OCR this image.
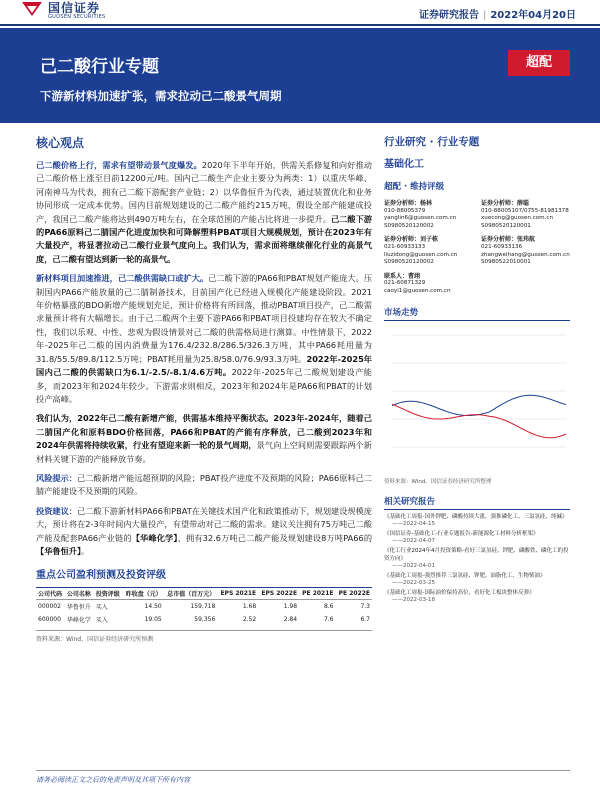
国信证券
GUOSEN SECURITIES	证券研究报告 | 2022年04月20日
己二酸行业专题
下游新材料加速扩张，需求拉动己二酸景气周期
超配
核心观点

己二酸价格上行，需求有望带动景气度爆发。2020年下半年开始，供需关系修复和向好推动己二酸价格上涨至目前12200元/吨。国内己二酸生产企业主要分为两类：1）以重庆华峰、河南神马为代表，拥有己二酸下游配套产业链；2）以华鲁恒升为代表，通过装置优化和业务协同形成一定成本优势。国内目前规划建设的己二酸产能约215万吨，假设全部产能建成投产，我国己二酸产能将达到490万吨左右，在全球范围的产能占比将进一步提升。己二酸下游的PA66原料己二腈国产化进度加快和可降解塑料PBAT项目大规模规划，预计在2023年有大量投产，将显著拉动己二酸行业景气度向上。我们认为，需求面将继续催化行业的高景气度，己二酸有望达到新一轮的高景气。

新材料项目加速推进，己二酸供需缺口或扩大。己二酸下游的PA66和PBAT规划产能庞大。压制国内PA66产能放量的己二腈制备技术，目前国产化已经进入规模化产能建设阶段。2021年价格暴涨的BDO新增产能规划充足，预计价格将有所回落，推动PBAT项目投产，己二酸需求量预计将有大幅增长。由于己二酸两个主要下游PA66和PBAT项目投建均存在较大不确定性，我们以乐观、中性、悲观为假设情景对己二酸的供需格局进行测算。中性情景下，2022年-2025年己二酸的国内消费量为176.4/232.8/286.5/326.3万吨，其中PA66耗用量为31.8/55.5/89.8/112.5万吨；PBAT耗用量为25.8/58.0/76.9/93.3万吨。2022年-2025年国内己二酸的供需缺口为6.1/-2.5/-8.1/4.6万吨。2022年-2025年己二酸规划建设产能多，而2023年和2024年较少。下游需求则相反，2023年和2024年是PA66和PBAT的计划投产高峰。

我们认为，2022年己二酸有新增产能，供需基本维持平衡状态。2023年-2024年，随着己二腈国产化和原料BDO价格回落，PA66和PBAT的产能有序释放，己二酸到2023年和2024年供需将持续收紧，行业有望迎来新一轮的景气周期，景气向上空间则需要跟踪两个新材料关键下游的产能释放节奏。

风险提示：己二酸新增产能远超预期的风险；PBAT投产进度不及预期的风险；PA66原料己二腈产能建设不及预期的风险。

投资建议：己二酸下游新材料PA66和PBAT在关键技术国产化和政策推动下，规划建设规模庞大，预计将在2-3年时间内大量投产，有望带动对己二酸的需求。建议关注拥有75万吨己二酸产能及配套PA66产业链的【华峰化学】、拥有32.6万吨己二酸产能及规划建设8万吨PA66的【华鲁恒升】。

重点公司盈利预测及投资评级
公司代码	公司名称	投资评级	昨收盘（元）	总市值（百万元）	EPS 2021E	EPS 2022E	PE 2021E	PE 2022E
000002	华鲁恒升	买入	14.50	159,718	1.68	1.98	8.6	7.3
600000	华峰化学	买入	19.05	59,356	2.52	2.84	7.6	6.7
资料来源：Wind、国信证券经济研究所预测
行业研究 · 行业专题
基础化工
超配 · 维持评级
证券分析师：杨林
010-88005379
yanglin6@guosen.com.cn
S0980520120002
证券分析师：薛聪
010-88005107/0755-81981378
xuecong@guosen.com.cn
S0980520120001
证券分析师：刘子栋
021-60933133
liuzidong@guosen.com.cn
S0980520120002
证券分析师：张玮航
021-60933136
zhangweihang@guosen.com.cn
S0980522010001
联系人：曹翊
021-60871329
caoyi1@guosen.com.cn
市场走势
资料来源：Wind、国信证券经济研究所整理
相关研究报告
《基础化工周报-国外钾肥、磷酸持续大涨，强推磷化工、三氯氢硅、纯碱》
——2022-04-15
《国信证券-基础化工-行业专题报告-新能源化工材料分析框架》
——2022-04-07
《化工行业2024年4月投资策略-看好三氯氢硅、钾肥、磷酸铁、磷化工的投资方向》
——2022-04-01
《基础化工周报-强烈推荐三氯氢硅、钾肥、油脂化工、生物柴油》
——2022-03-25
《基础化工周报-国际油价保持高位，看好化工板块整体反弹》
——2022-03-18
请务必阅读正文之后的免责声明及其项下所有内容
